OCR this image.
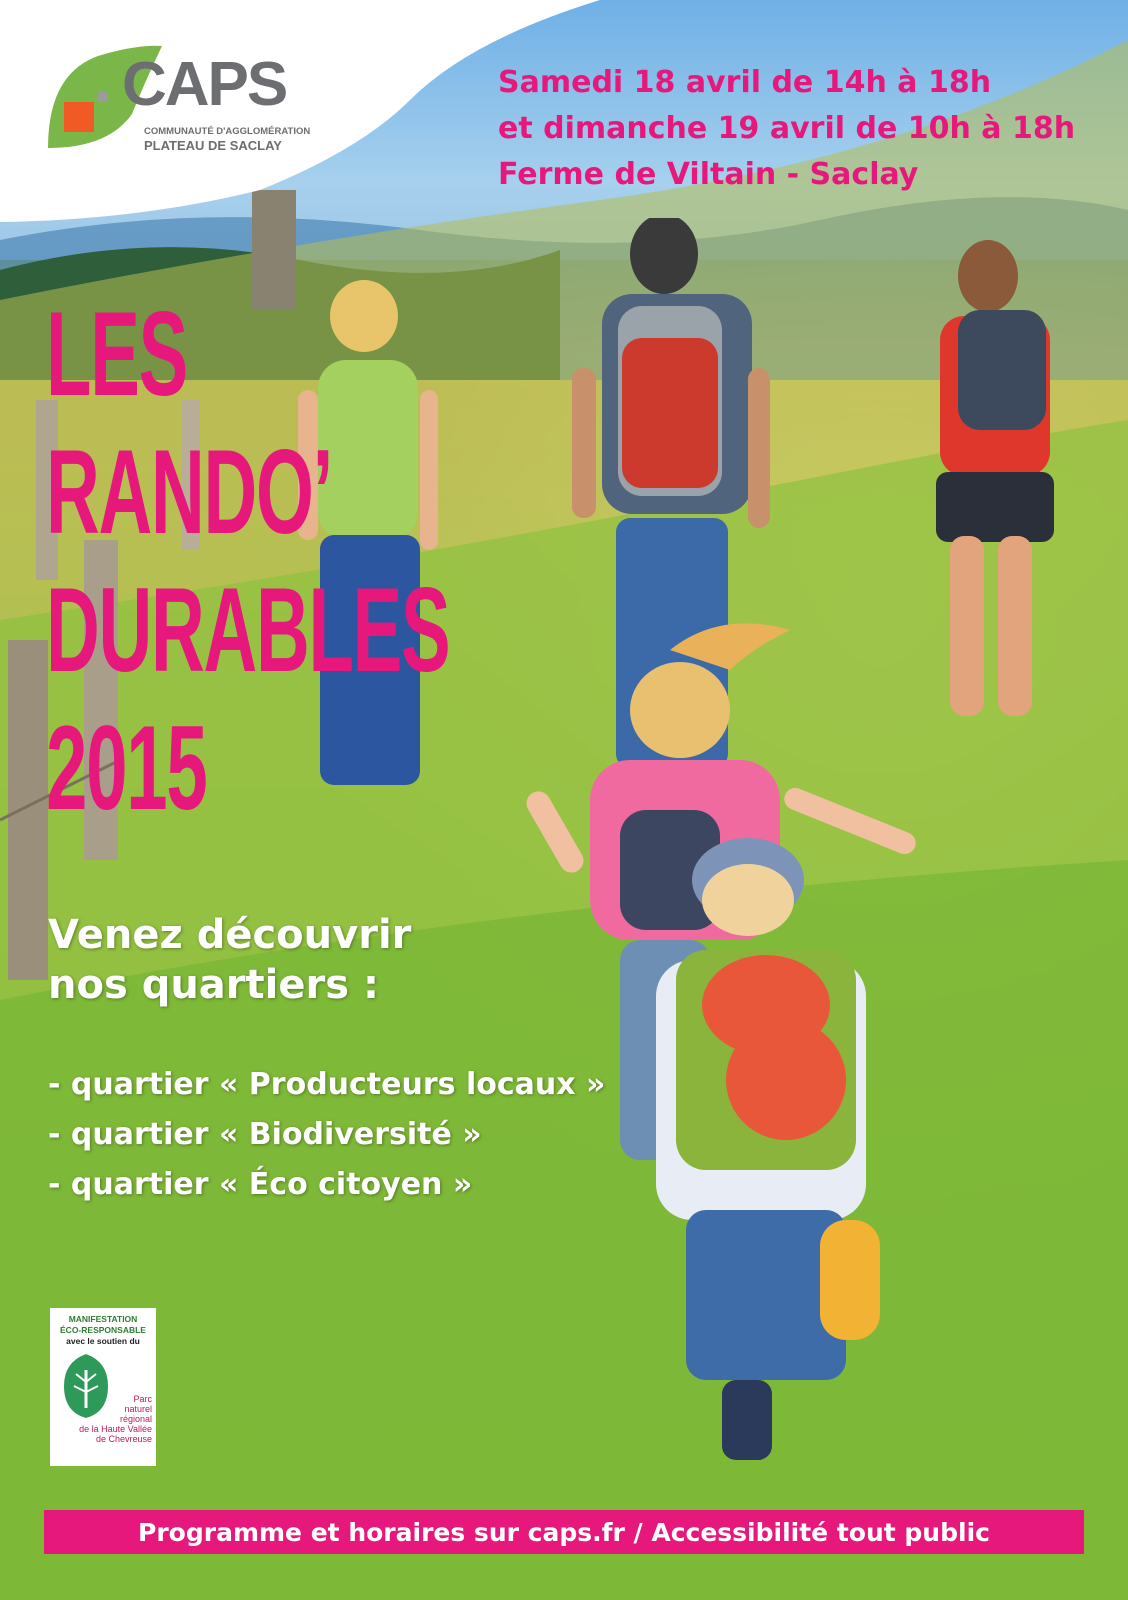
CAPS
COMMUNAUTÉ D'AGGLOMÉRATION
PLATEAU DE SACLAY
Samedi 18 avril de 14h à 18h
et dimanche 19 avril de 10h à 18h
Ferme de Viltain - Saclay
LES
RANDO’
DURABLES
2015
Venez découvrir
nos quartiers :
- quartier « Producteurs locaux »
- quartier « Biodiversité »
- quartier « Éco citoyen »
MANIFESTATION
ÉCO-RESPONSABLE
avec le soutien du
Parc
naturel
régional
de la Haute Vallée
de Chevreuse
Programme et horaires sur caps.fr / Accessibilité tout public
